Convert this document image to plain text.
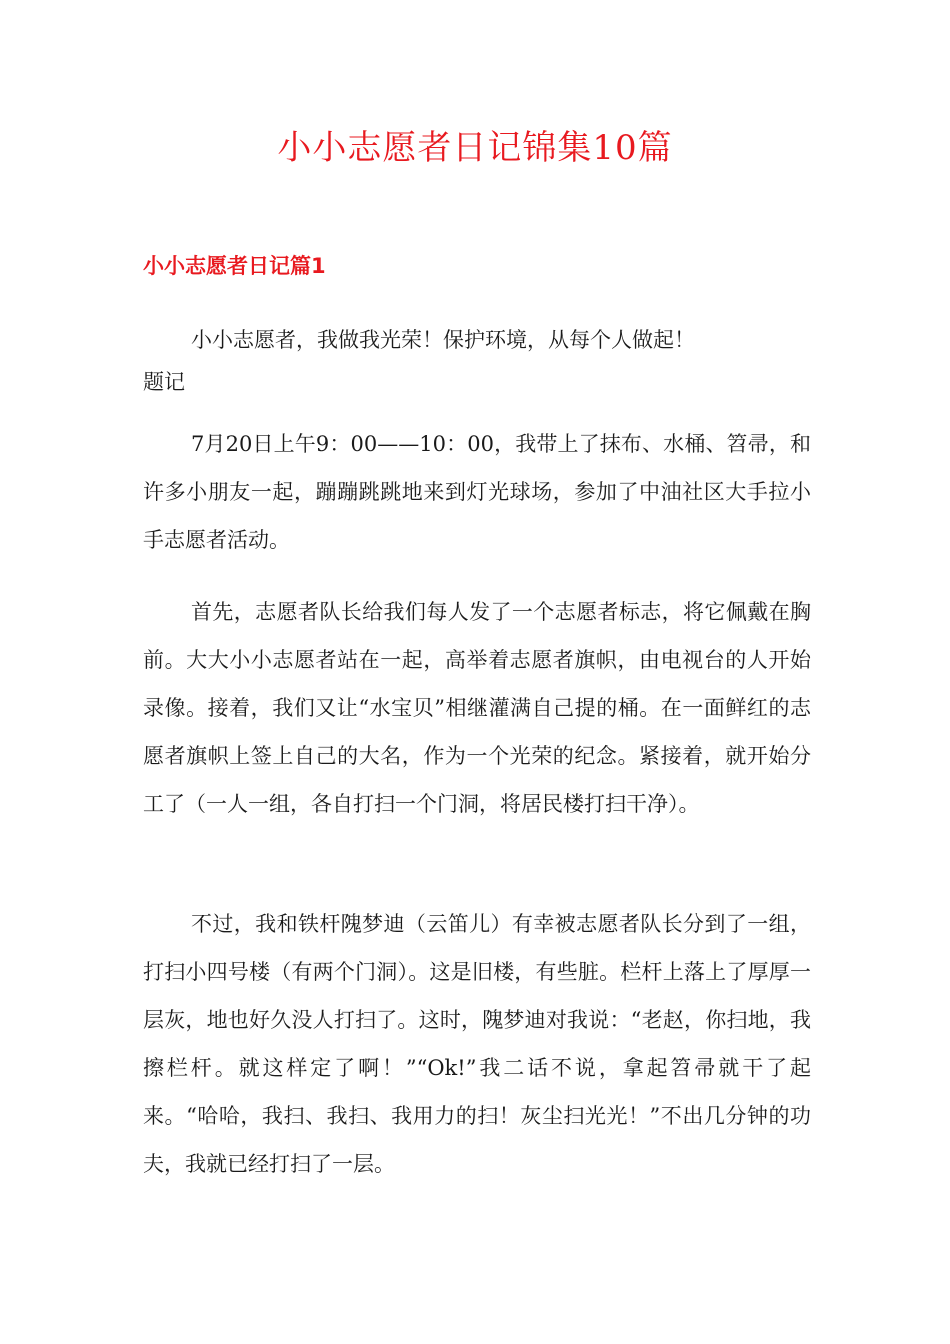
小小志愿者日记锦集10篇
小小志愿者日记篇1

小小志愿者，我做我光荣！保护环境，从每个人做起！

题记

7月20日上午9：00——10：00，我带上了抹布、水桶、笤帚，和许多小朋友一起，蹦蹦跳跳地来到灯光球场，参加了中油社区大手拉小手志愿者活动。

首先，志愿者队长给我们每人发了一个志愿者标志，将它佩戴在胸前。大大小小志愿者站在一起，高举着志愿者旗帜，由电视台的人开始录像。接着，我们又让“水宝贝”相继灌满自己提的桶。在一面鲜红的志愿者旗帜上签上自己的大名，作为一个光荣的纪念。紧接着，就开始分工了（一人一组，各自打扫一个门洞，将居民楼打扫干净）。

不过，我和铁杆隗梦迪（云笛儿）有幸被志愿者队长分到了一组，打扫小四号楼（有两个门洞）。这是旧楼，有些脏。栏杆上落上了厚厚一层灰，地也好久没人打扫了。这时，隗梦迪对我说：“老赵，你扫地，我擦栏杆。就这样定了啊！”“Ok!”我二话不说，拿起笤帚就干了起来。“哈哈，我扫、我扫、我用力的扫！灰尘扫光光！”不出几分钟的功夫，我就已经打扫了一层。
